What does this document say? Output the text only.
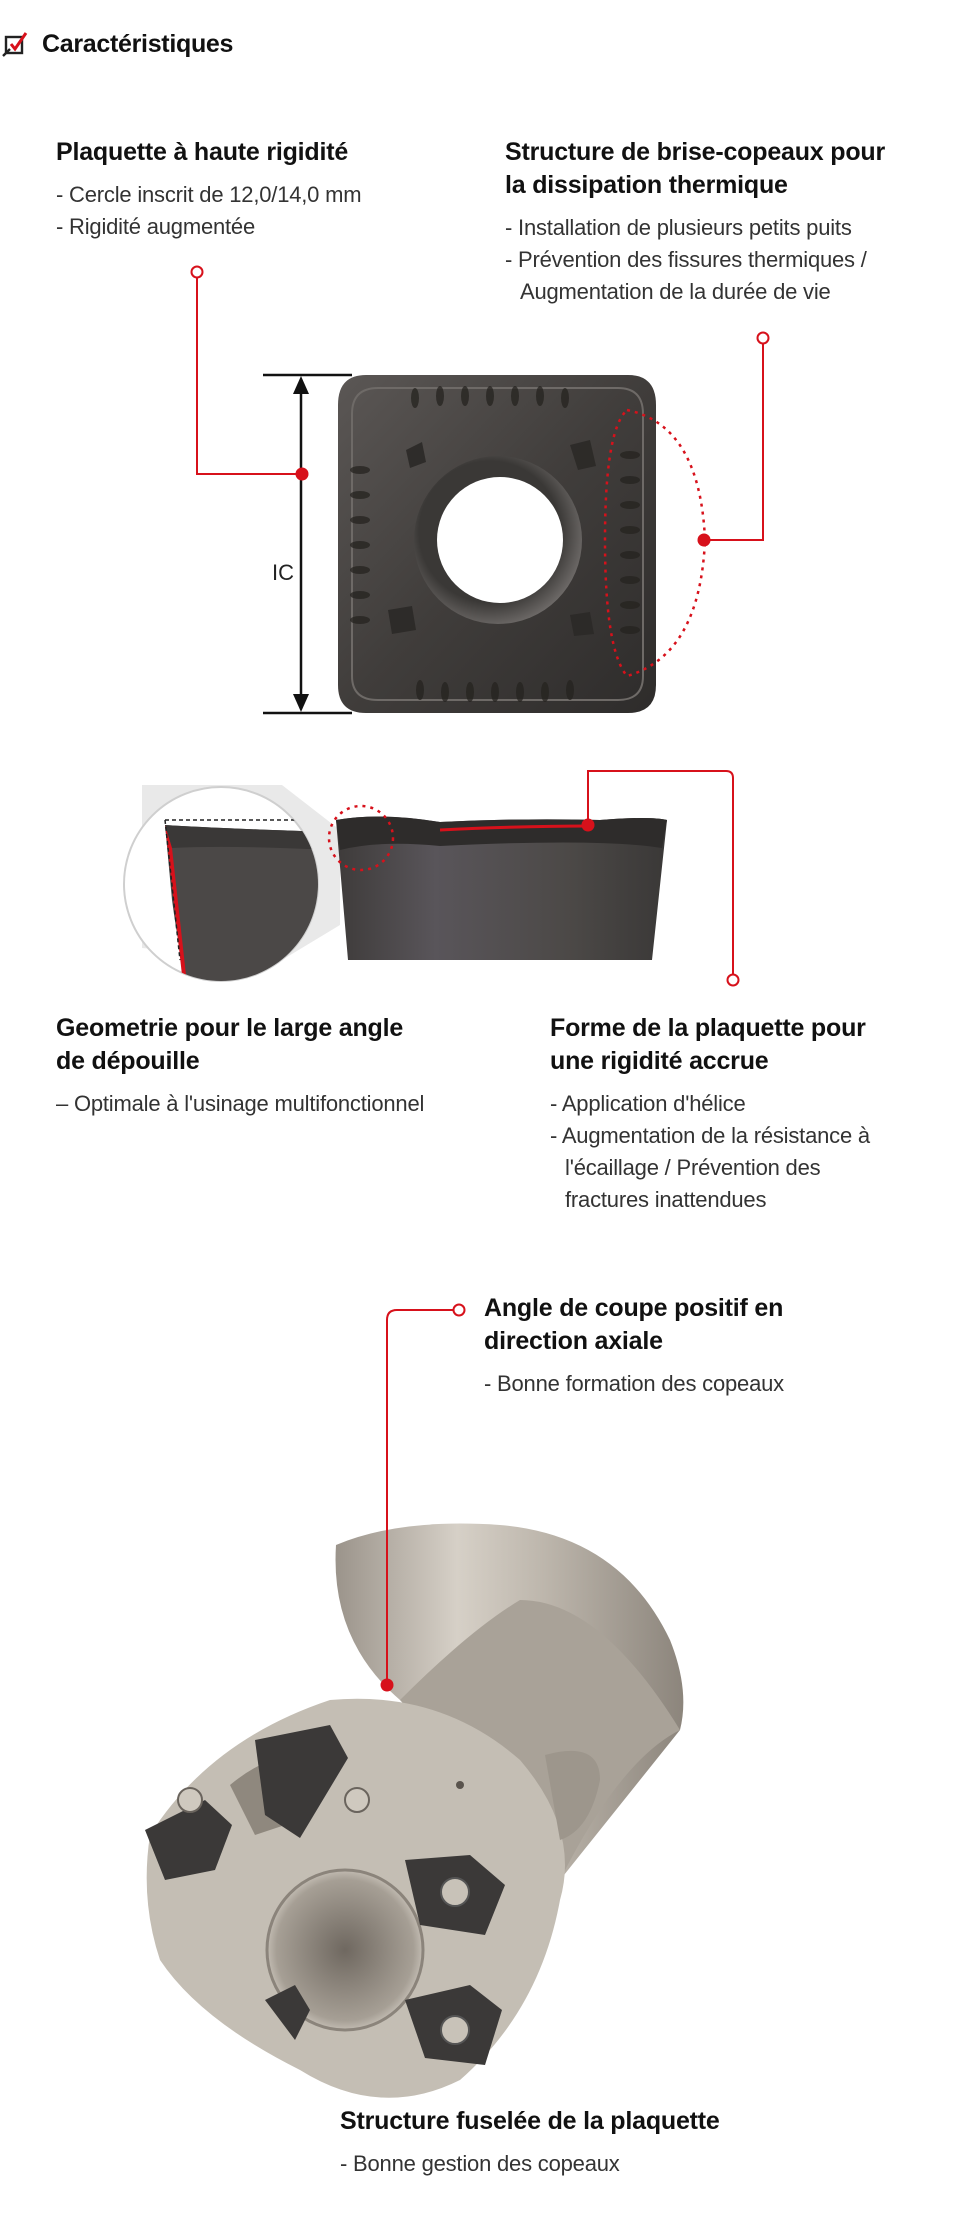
Caractéristiques
IC
Plaquette à haute rigidité
- Cercle inscrit de 12,0/14,0 mm
- Rigidité augmentée
Structure de brise-copeaux pour
la dissipation thermique
- Installation de plusieurs petits puits
- Prévention des fissures thermiques / Augmentation de la durée de vie
Geometrie pour le large angle
de dépouille
– Optimale à l'usinage multifonctionnel
Forme de la plaquette pour
une rigidité accrue
- Application d'hélice
- Augmentation de la résistance à l'écaillage / Prévention des fractures inattendues
Angle de coupe positif en
direction axiale
- Bonne formation des copeaux
Structure fuselée de la plaquette
- Bonne gestion des copeaux
